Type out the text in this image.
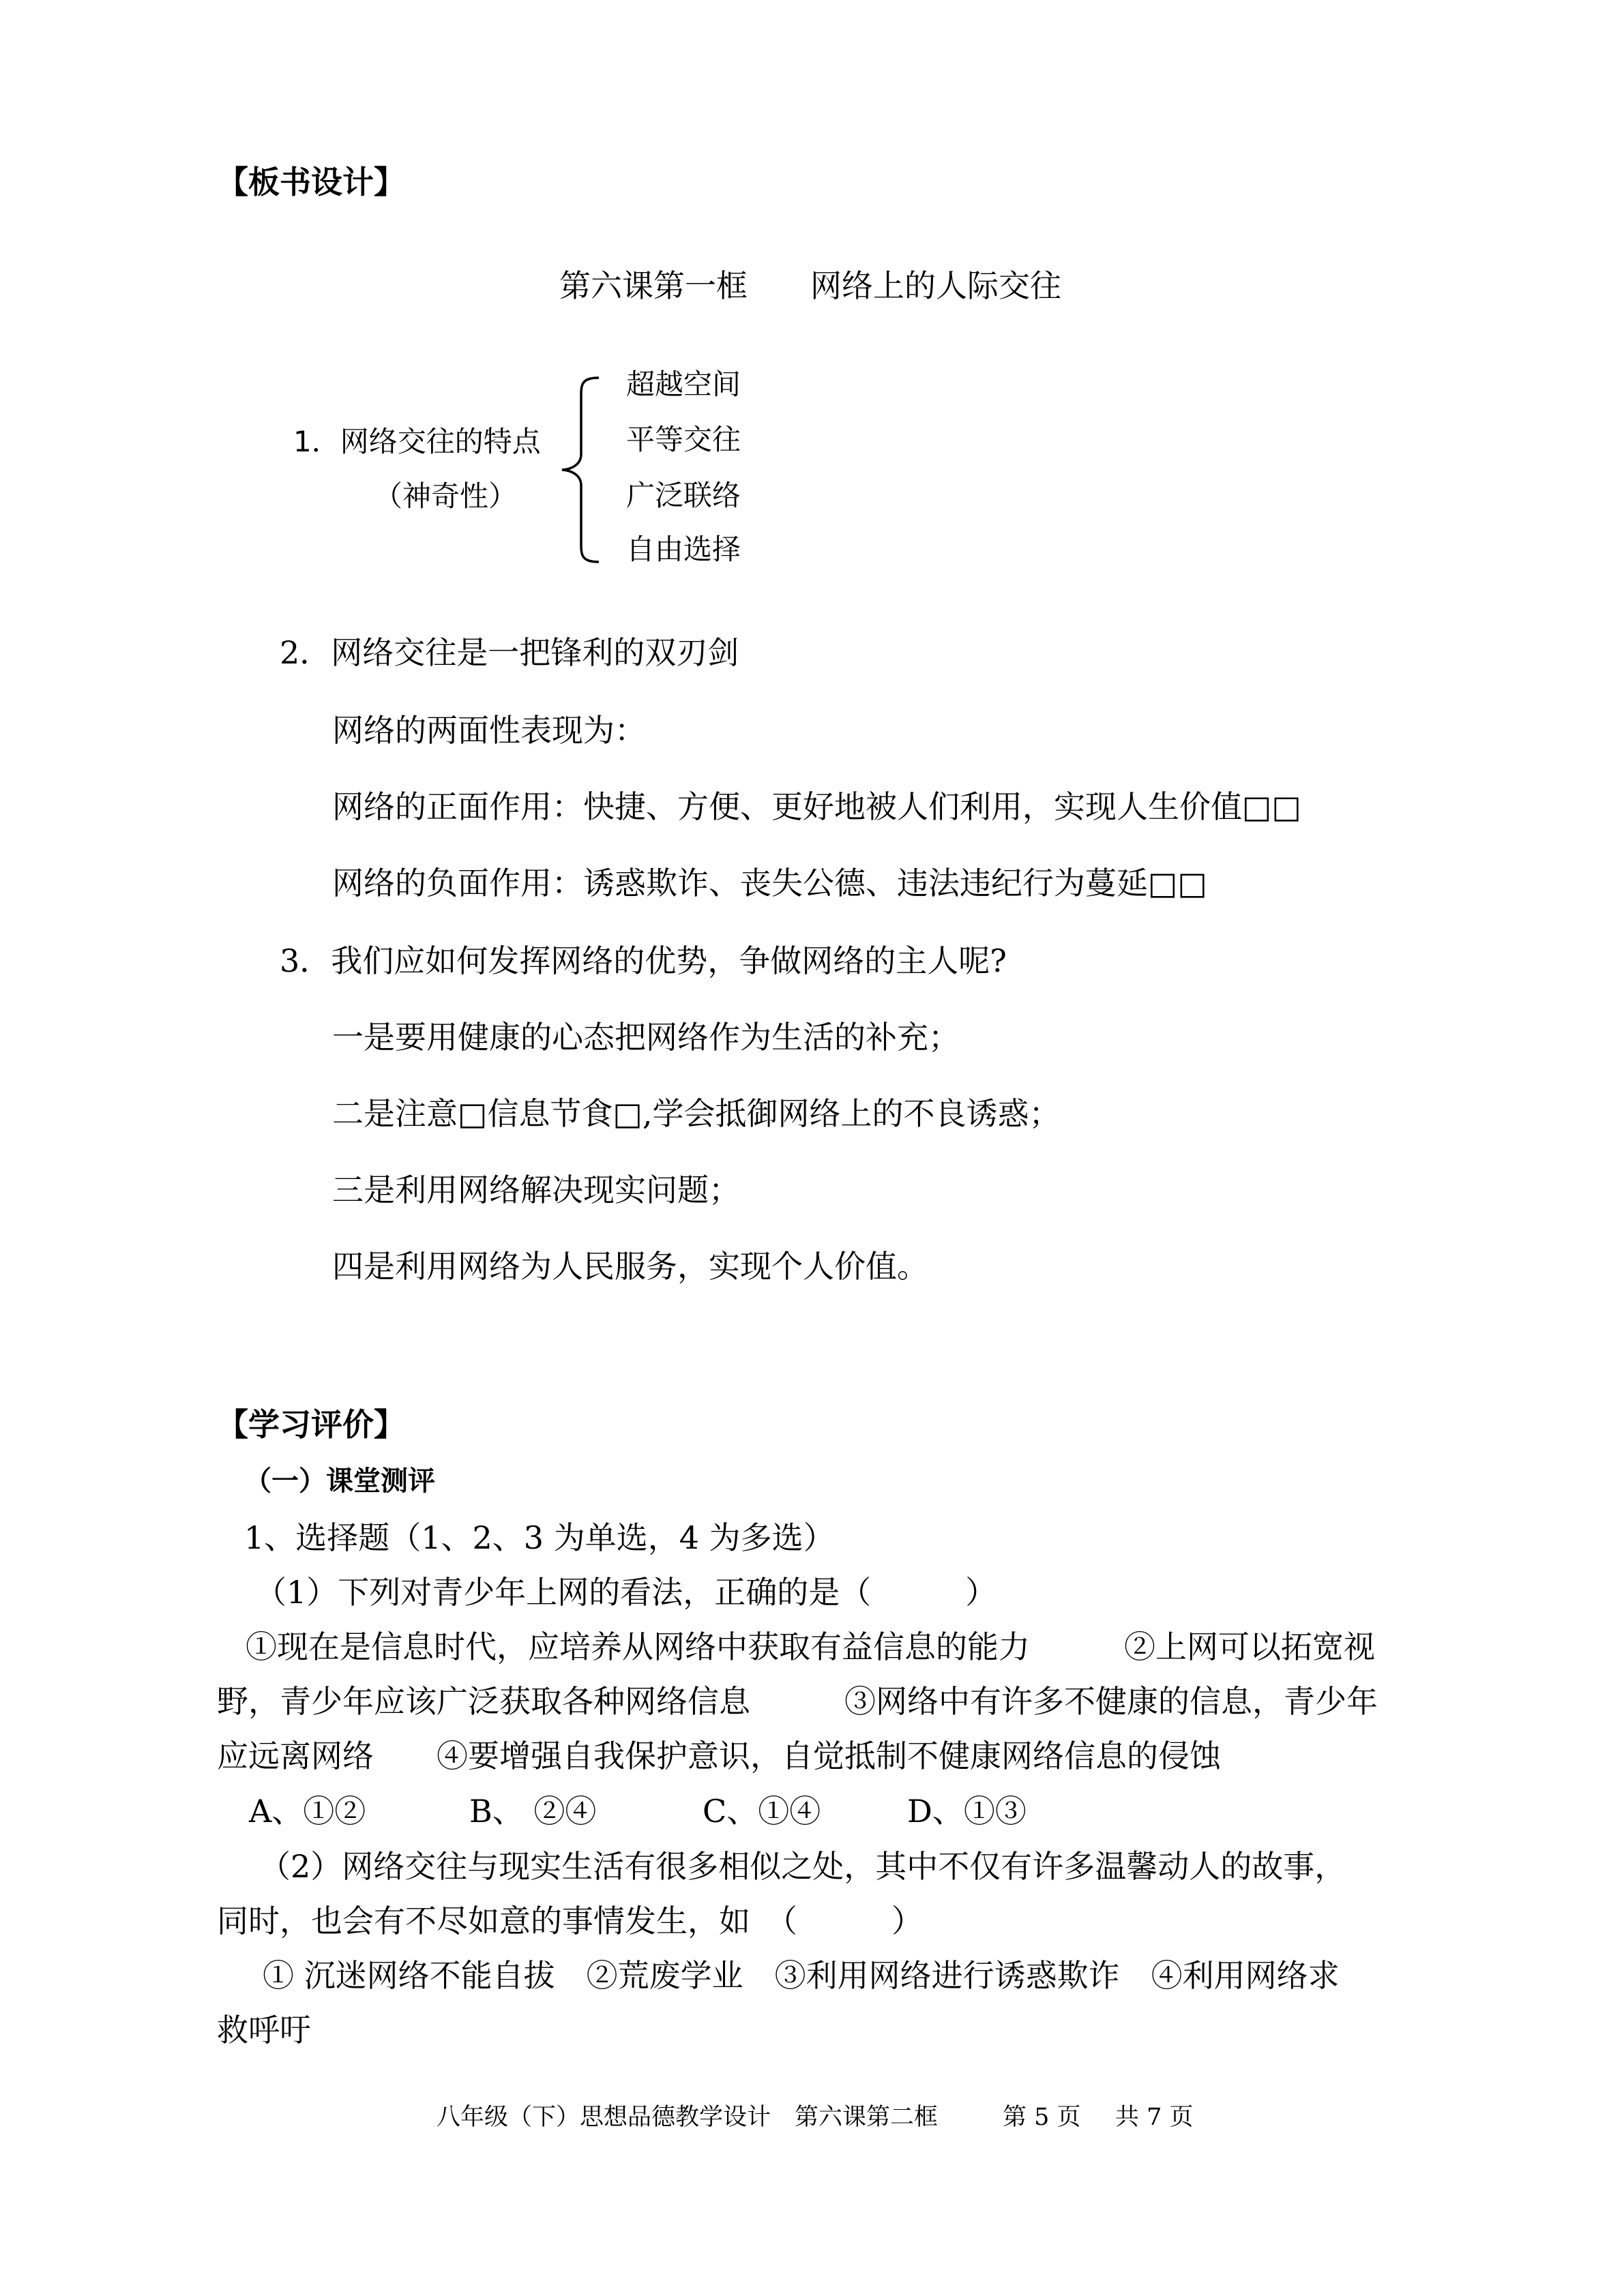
【板书设计】
第六课第一框　　网络上的人际交往
1．网络交往的特点
（神奇性）
超越空间
平等交往
广泛联络
自由选择
2．网络交往是一把锋利的双刃剑
网络的两面性表现为：
网络的正面作用：快捷、方便、更好地被人们利用，实现人生价值□□
网络的负面作用：诱惑欺诈、丧失公德、违法违纪行为蔓延□□
3．我们应如何发挥网络的优势，争做网络的主人呢?
一是要用健康的心态把网络作为生活的补充；
二是注意□信息节食□,学会抵御网络上的不良诱惑；
三是利用网络解决现实问题；
四是利用网络为人民服务，实现个人价值。
【学习评价】
（一）课堂测评
1、选择题（1、2、3 为单选，4 为多选）
（1）下列对青少年上网的看法，正确的是（　　　）
①现在是信息时代，应培养从网络中获取有益信息的能力　　　②上网可以拓宽视
野，青少年应该广泛获取各种网络信息　　　③网络中有许多不健康的信息，青少年
应远离网络　　④要增强自我保护意识，自觉抵制不健康网络信息的侵蚀
A、①②	B、 ②④	C、①④	D、①③
（2）网络交往与现实生活有很多相似之处，其中不仅有许多温馨动人的故事，
同时，也会有不尽如意的事情发生，如　（　　　）
① 沉迷网络不能自拔　②荒废学业　③利用网络进行诱惑欺诈　④利用网络求
救呼吁
八年级（下）思想品德教学设计　第六课第二框	第 5 页 共 7 页
